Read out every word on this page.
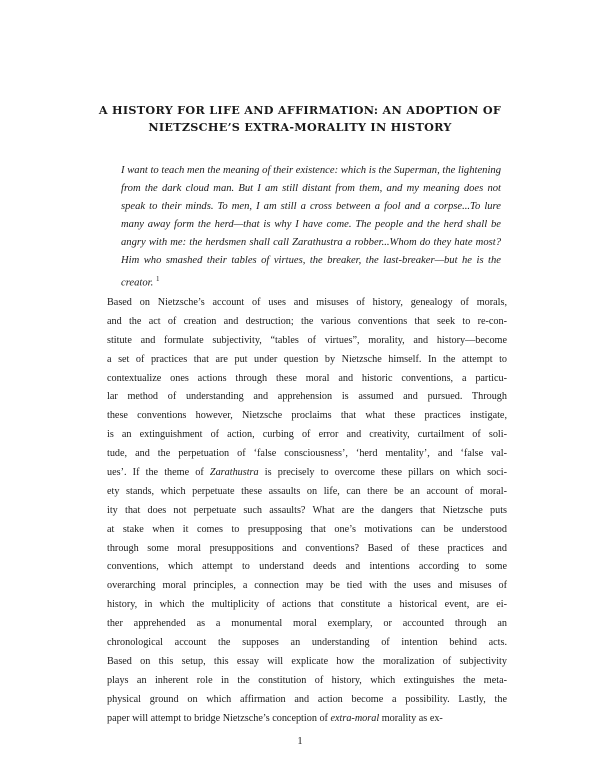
A HISTORY FOR LIFE AND AFFIRMATION: AN ADOPTION OF
NIETZSCHE’S EXTRA-MORALITY IN HISTORY

I want to teach men the meaning of their existence: which is the Superman, the lightening from the dark cloud man. But I am still distant from them, and my meaning does not speak to their minds. To men, I am still a cross between a fool and a corpse...To lure many away form the herd—that is why I have come. The people and the herd shall be angry with me: the herdsmen shall call Zarathustra a robber...Whom do they hate most? Him who smashed their tables of virtues, the breaker, the last-breaker—but he is the creator. $^1$

Based on Nietzsche’s account of uses and misuses of history, genealogy of morals,
and the act of creation and destruction; the various conventions that seek to re-con-
stitute and formulate subjectivity, “tables of virtues”, morality, and history—become
a set of practices that are put under question by Nietzsche himself. In the attempt to
contextualize ones actions through these moral and historic conventions, a particu-
lar method of understanding and apprehension is assumed and pursued. Through
these conventions however, Nietzsche proclaims that what these practices instigate,
is an extinguishment of action, curbing of error and creativity, curtailment of soli-
tude, and the perpetuation of ‘false consciousness’, ‘herd mentality’, and ‘false val-
ues’. If the theme of Zarathustra is precisely to overcome these pillars on which soci-
ety stands, which perpetuate these assaults on life, can there be an account of moral-
ity that does not perpetuate such assaults? What are the dangers that Nietzsche puts
at stake when it comes to presupposing that one’s motivations can be understood
through some moral presuppositions and conventions? Based of these practices and
conventions, which attempt to understand deeds and intentions according to some
overarching moral principles, a connection may be tied with the uses and misuses of
history, in which the multiplicity of actions that constitute a historical event, are ei-
ther apprehended as a monumental moral exemplary, or accounted through an
chronological account the supposes an understanding of intention behind acts.
Based on this setup, this essay will explicate how the moralization of subjectivity
plays an inherent role in the constitution of history, which extinguishes the meta-
physical ground on which affirmation and action become a possibility. Lastly, the
paper will attempt to bridge Nietzsche’s conception of extra-moral morality as ex-
1
